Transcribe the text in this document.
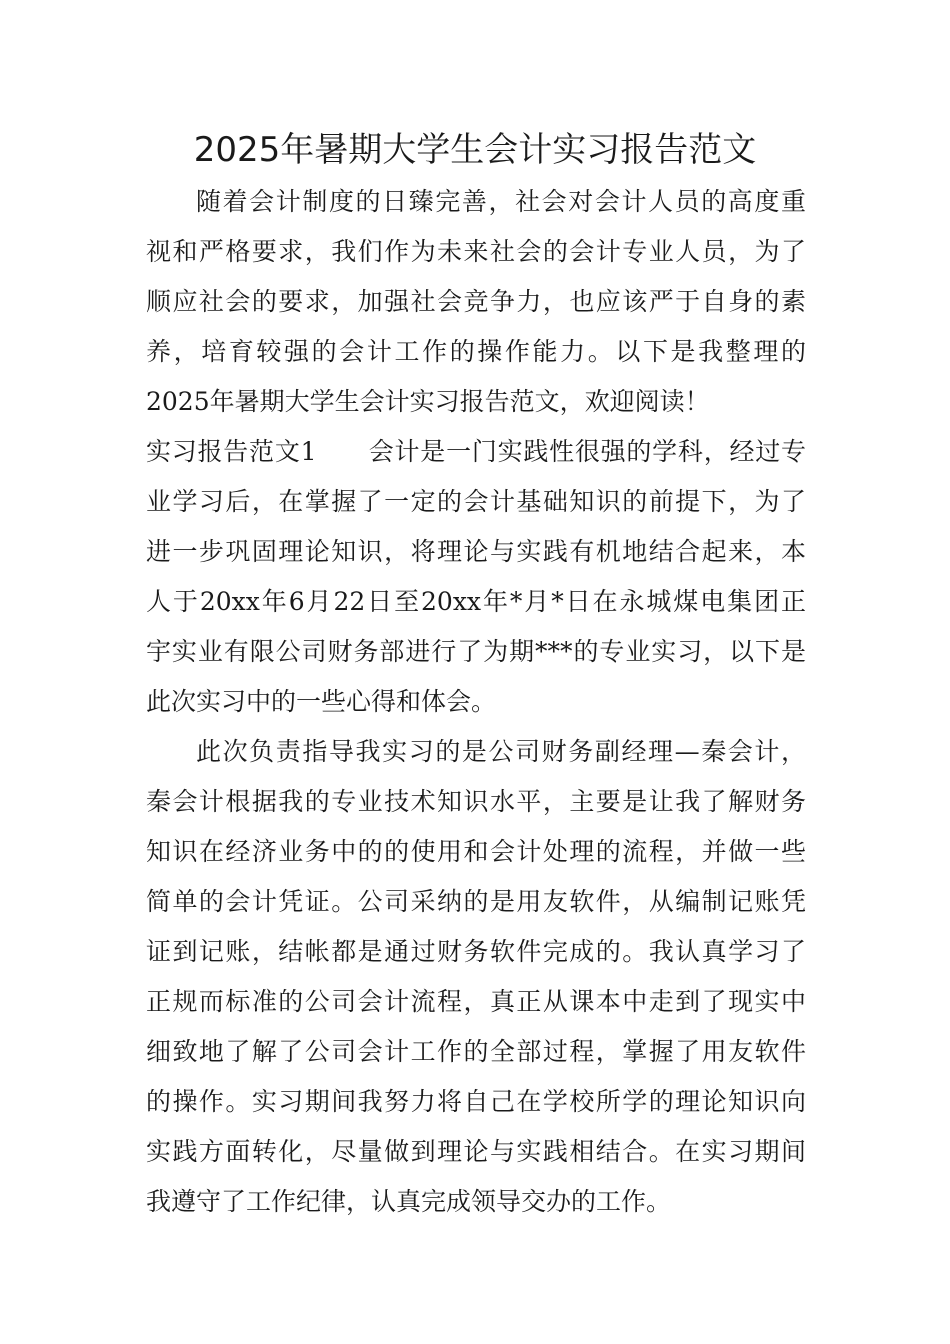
2025年暑期大学生会计实习报告范文

随着会计制度的日臻完善，社会对会计人员的高度重

视和严格要求，我们作为未来社会的会计专业人员，为了

顺应社会的要求，加强社会竞争力，也应该严于自身的素

养，培育较强的会计工作的操作能力。以下是我整理的

2025年暑期大学生会计实习报告范文，欢迎阅读！

实习报告范文1　　会计是一门实践性很强的学科，经过专

业学习后，在掌握了一定的会计基础知识的前提下，为了

进一步巩固理论知识，将理论与实践有机地结合起来，本

人于20xx年6月22日至20xx年*月*日在永城煤电集团正

宇实业有限公司财务部进行了为期***的专业实习，以下是

此次实习中的一些心得和体会。

此次负责指导我实习的是公司财务副经理—秦会计，

秦会计根据我的专业技术知识水平，主要是让我了解财务

知识在经济业务中的的使用和会计处理的流程，并做一些

简单的会计凭证。公司采纳的是用友软件，从编制记账凭

证到记账，结帐都是通过财务软件完成的。我认真学习了

正规而标准的公司会计流程，真正从课本中走到了现实中

细致地了解了公司会计工作的全部过程，掌握了用友软件

的操作。实习期间我努力将自己在学校所学的理论知识向

实践方面转化，尽量做到理论与实践相结合。在实习期间

我遵守了工作纪律，认真完成领导交办的工作。
